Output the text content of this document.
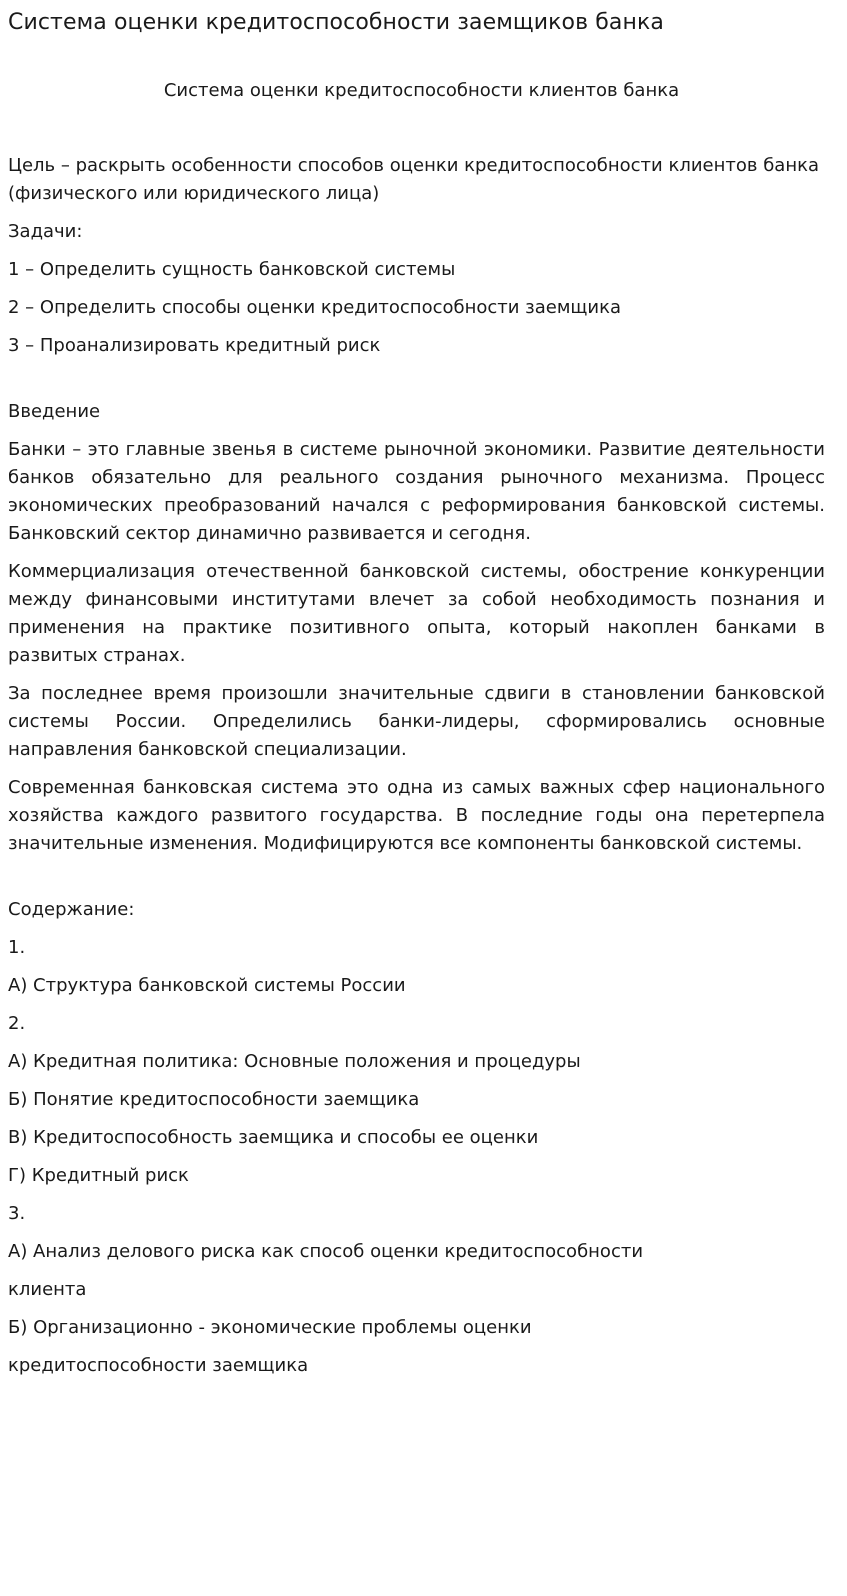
Система оценки кредитоспособности заемщиков банка
Система оценки кредитоспособности клиентов банка

Цель – раскрыть особенности способов оценки кредитоспособности клиентов банка (физического или юридического лица)

Задачи:

1 – Определить сущность банковской системы

2 – Определить способы оценки кредитоспособности заемщика

3 – Проанализировать кредитный риск

Введение

Банки – это главные звенья в системе рыночной экономики. Развитие деятельности банков обязательно для реального создания рыночного механизма. Процесс экономических преобразований начался с реформирования банковской системы. Банковский сектор динамично развивается и сегодня.

Коммерциализация отечественной банковской системы, обострение конкуренции между финансовыми институтами влечет за собой необходимость познания и применения на практике позитивного опыта, который накоплен банками в развитых странах.

За последнее время произошли значительные сдвиги в становлении банковской системы России. Определились банки-лидеры, сформировались основные направления банковской специализации.

Современная банковская система это одна из самых важных сфер национального хозяйства каждого развитого государства. В последние годы она перетерпела значительные изменения. Модифицируются все компоненты банковской системы.

Содержание:

1.

А) Структура банковской системы России

2.

А) Кредитная политика: Основные положения и процедуры

Б) Понятие кредитоспособности заемщика

В) Кредитоспособность заемщика и способы ее оценки

Г) Кредитный риск

3.

А) Анализ делового риска как способ оценки кредитоспособности

клиента

Б) Организационно - экономические проблемы оценки

кредитоспособности заемщика
